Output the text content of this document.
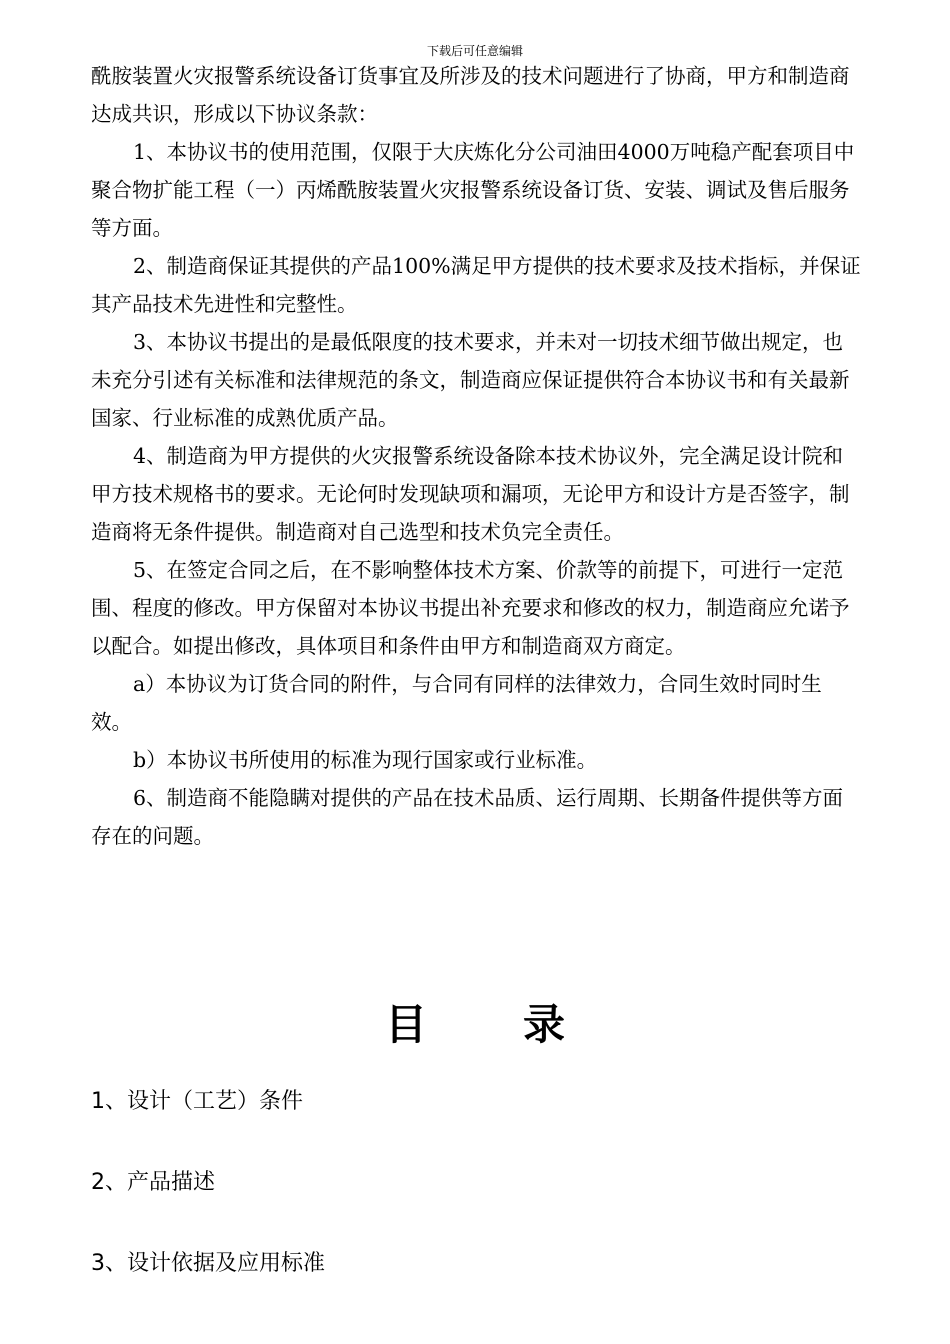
下载后可任意编辑

酰胺装置火灾报警系统设备订货事宜及所涉及的技术问题进行了协商，甲方和制造商达成共识，形成以下协议条款：

1、本协议书的使用范围，仅限于大庆炼化分公司油田4000万吨稳产配套项目中聚合物扩能工程（一）丙烯酰胺装置火灾报警系统设备订货、安装、调试及售后服务等方面。

2、制造商保证其提供的产品100%满足甲方提供的技术要求及技术指标，并保证其产品技术先进性和完整性。

3、本协议书提出的是最低限度的技术要求，并未对一切技术细节做出规定，也未充分引述有关标准和法律规范的条文，制造商应保证提供符合本协议书和有关最新国家、行业标准的成熟优质产品。

4、制造商为甲方提供的火灾报警系统设备除本技术协议外，完全满足设计院和甲方技术规格书的要求。无论何时发现缺项和漏项，无论甲方和设计方是否签字，制造商将无条件提供。制造商对自己选型和技术负完全责任。

5、在签定合同之后，在不影响整体技术方案、价款等的前提下，可进行一定范围、程度的修改。甲方保留对本协议书提出补充要求和修改的权力，制造商应允诺予以配合。如提出修改，具体项目和条件由甲方和制造商双方商定。

a）本协议为订货合同的附件，与合同有同样的法律效力，合同生效时同时生效。

b）本协议书所使用的标准为现行国家或行业标准。

6、制造商不能隐瞒对提供的产品在技术品质、运行周期、长期备件提供等方面存在的问题。

目录
1、设计（工艺）条件
2、产品描述
3、设计依据及应用标准
